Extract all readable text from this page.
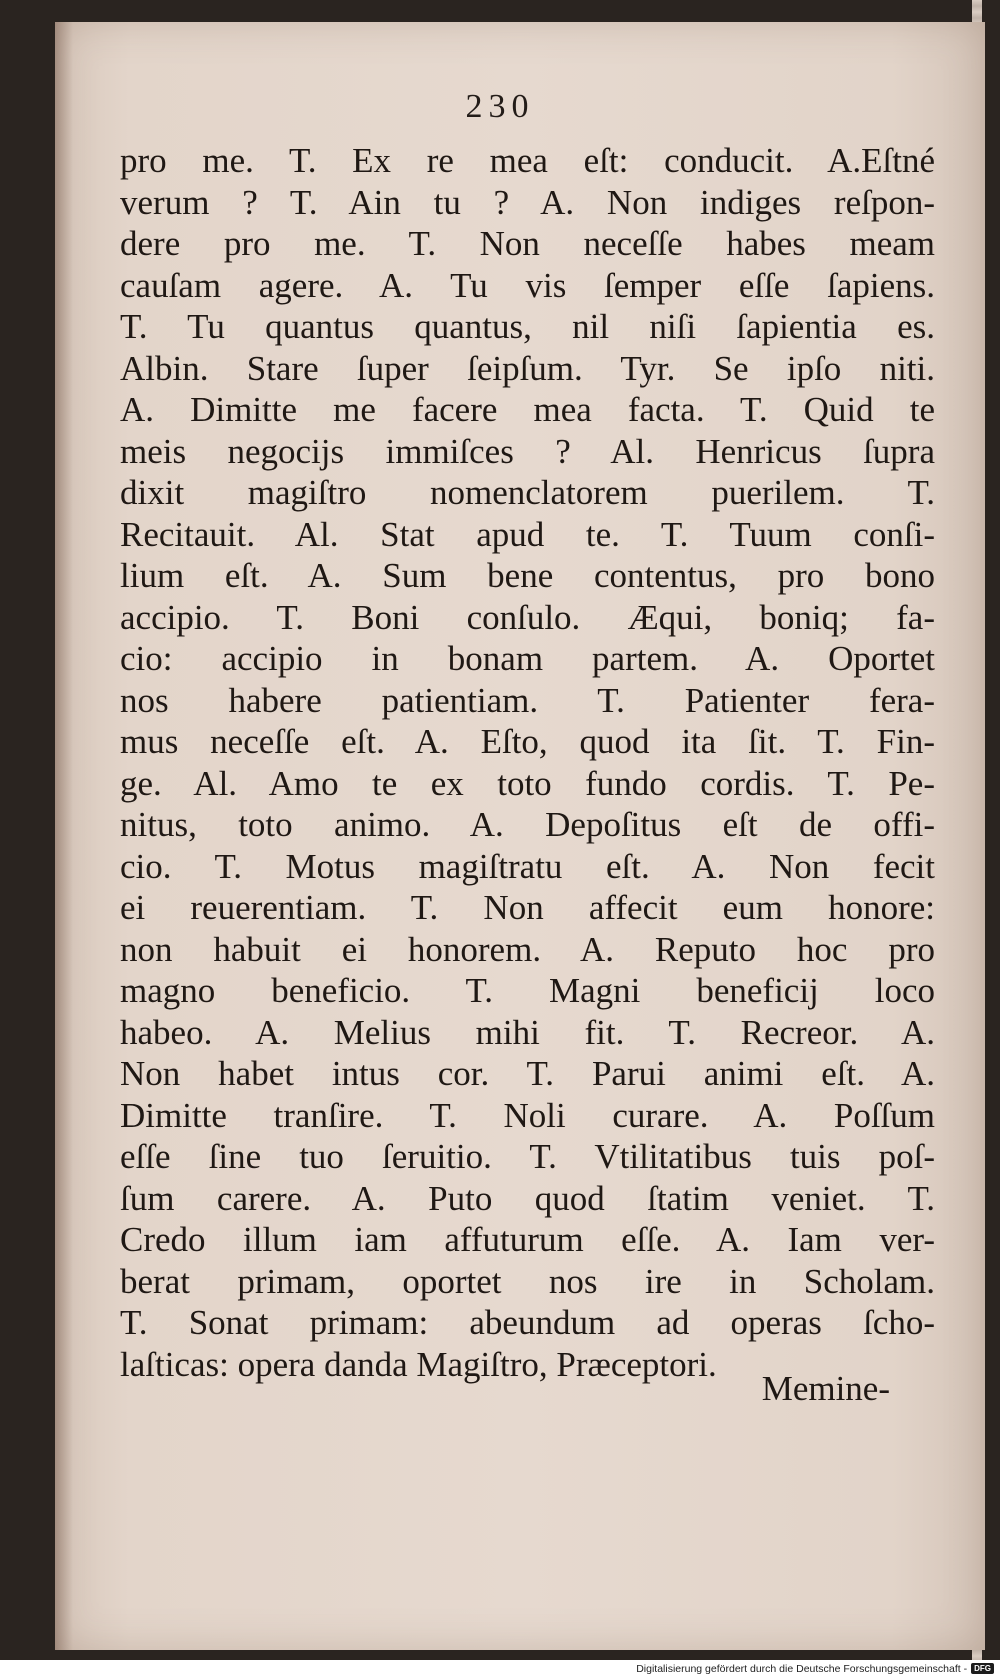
230
pro me. T. Ex re mea eſt: conducit. A.Eſtné
verum ? T. Ain tu ? A. Non indiges reſpon-
dere pro me. T. Non neceſſe habes meam
cauſam agere. A. Tu vis ſemper eſſe ſapiens.
T. Tu quantus quantus, nil niſi ſapientia es.
Albin. Stare ſuper ſeipſum. Tyr. Se ipſo niti.
A. Dimitte me facere mea facta. T. Quid te
meis negocijs immiſces ? Al. Henricus ſupra
dixit magiſtro nomenclatorem puerilem. T.
Recitauit. Al. Stat apud te. T. Tuum conſi-
lium eſt. A. Sum bene contentus, pro bono
accipio. T. Boni conſulo. Æqui, boniq; fa-
cio: accipio in bonam partem. A. Oportet
nos habere patientiam. T. Patienter fera-
mus neceſſe eſt. A. Eſto, quod ita ſit. T. Fin-
ge. Al. Amo te ex toto fundo cordis. T. Pe-
nitus, toto animo. A. Depoſitus eſt de offi-
cio. T. Motus magiſtratu eſt. A. Non fecit
ei reuerentiam. T. Non affecit eum honore:
non habuit ei honorem. A. Reputo hoc pro
magno beneficio. T. Magni beneficij loco
habeo. A. Melius mihi fit. T. Recreor. A.
Non habet intus cor. T. Parui animi eſt. A.
Dimitte tranſire. T. Noli curare. A. Poſſum
eſſe ſine tuo ſeruitio. T. Vtilitatibus tuis poſ-
ſum carere. A. Puto quod ſtatim veniet. T.
Credo illum iam affuturum eſſe. A. Iam ver-
berat primam, oportet nos ire in Scholam.
T. Sonat primam: abeundum ad operas ſcho-
laſticas: opera danda Magiſtro, Præceptori.
Memine-
Digitalisierung gefördert durch die Deutsche Forschungsgemeinschaft - DFG
